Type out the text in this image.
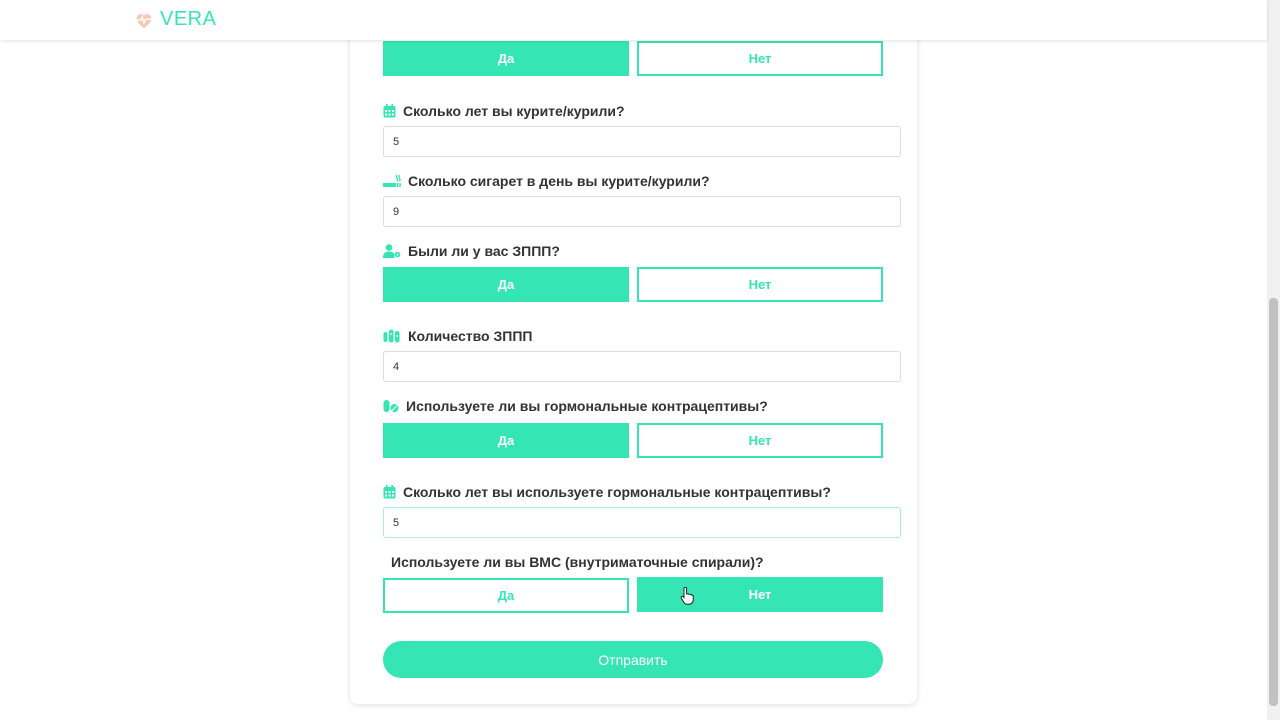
VERA
Да	Нет
Сколько лет вы курите/курили?
5
Сколько сигарет в день вы курите/курили?
9
Были ли у вас ЗППП?
Да	Нет
Количество ЗППП
4
Используете ли вы гормональные контрацептивы?
Да	Нет
Сколько лет вы используете гормональные контрацептивы?
5
Используете ли вы ВМС (внутриматочные спирали)?
Да	Нет
Отправить
